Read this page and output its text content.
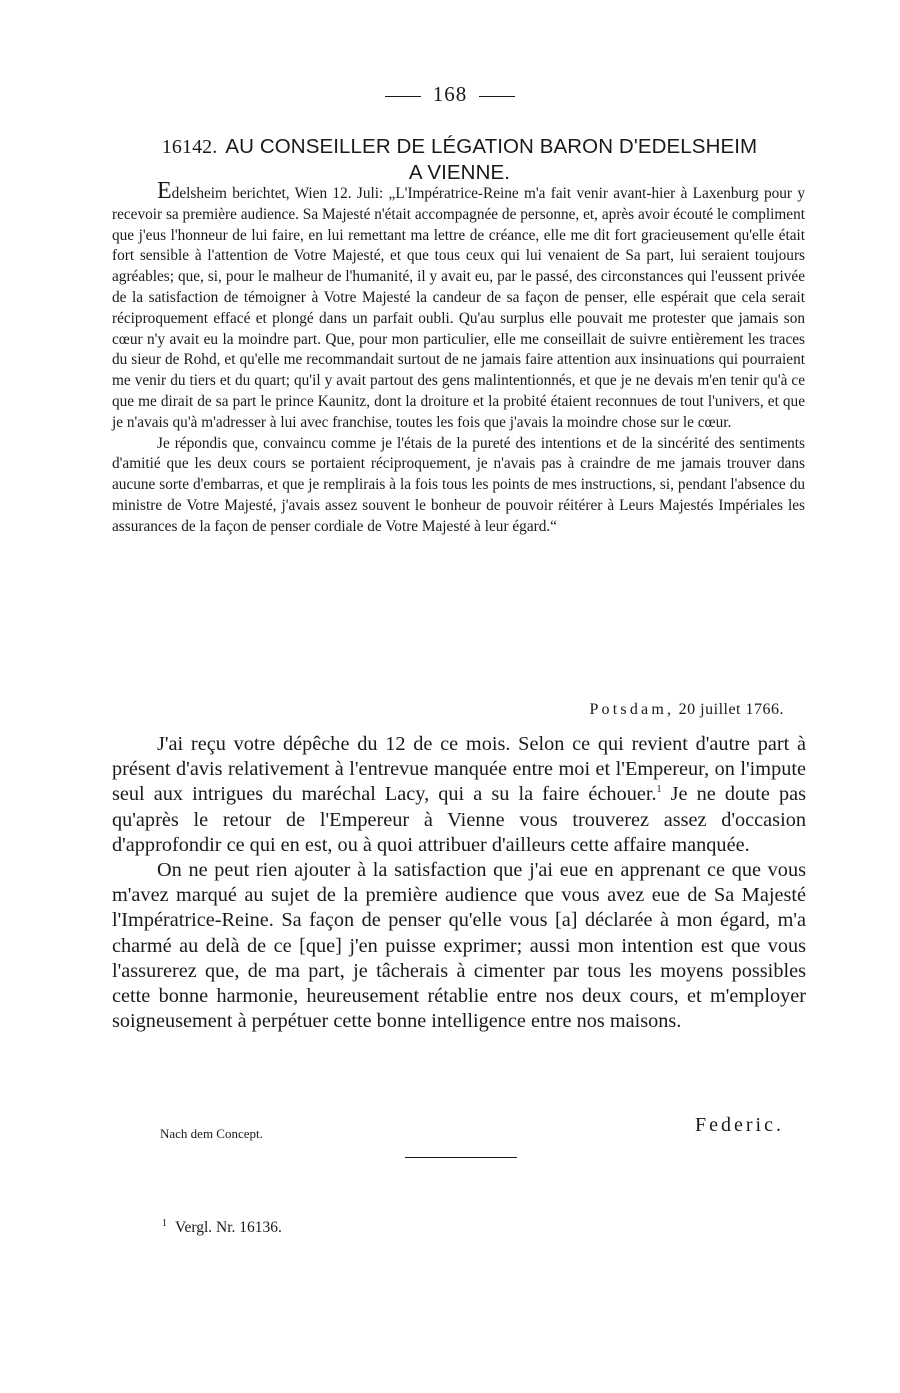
168
16142. AU CONSEILLER DE LÉGATION BARON D'EDELSHEIM
A VIENNE.

Edelsheim berichtet, Wien 12. Juli: „L'Impératrice-Reine m'a fait venir avant-hier à Laxenburg pour y recevoir sa première audience. Sa Majesté n'était accompagnée de personne, et, après avoir écouté le compliment que j'eus l'honneur de lui faire, en lui remettant ma lettre de créance, elle me dit fort gracieusement qu'elle était fort sensible à l'attention de Votre Majesté, et que tous ceux qui lui venaient de Sa part, lui seraient toujours agréables; que, si, pour le malheur de l'humanité, il y avait eu, par le passé, des circonstances qui l'eussent privée de la satisfaction de témoigner à Votre Majesté la candeur de sa façon de penser, elle espérait que cela serait réciproquement effacé et plongé dans un parfait oubli. Qu'au surplus elle pouvait me protester que jamais son cœur n'y avait eu la moindre part. Que, pour mon particulier, elle me conseillait de suivre entièrement les traces du sieur de Rohd, et qu'elle me recommandait surtout de ne jamais faire attention aux insinuations qui pourraient me venir du tiers et du quart; qu'il y avait partout des gens malintentionnés, et que je ne devais m'en tenir qu'à ce que me dirait de sa part le prince Kaunitz, dont la droiture et la probité étaient reconnues de tout l'univers, et que je n'avais qu'à m'adresser à lui avec franchise, toutes les fois que j'avais la moindre chose sur le cœur.

Je répondis que, convaincu comme je l'étais de la pureté des intentions et de la sincérité des sentiments d'amitié que les deux cours se portaient réciproquement, je n'avais pas à craindre de me jamais trouver dans aucune sorte d'embarras, et que je remplirais à la fois tous les points de mes instructions, si, pendant l'absence du ministre de Votre Majesté, j'avais assez souvent le bonheur de pouvoir réitérer à Leurs Majestés Impériales les assurances de la façon de penser cordiale de Votre Majesté à leur égard.“

Potsdam, 20 juillet 1766.

J'ai reçu votre dépêche du 12 de ce mois. Selon ce qui revient d'autre part à présent d'avis relativement à l'entrevue manquée entre moi et l'Empereur, on l'impute seul aux intrigues du maréchal Lacy, qui a su la faire échouer.$^1$ Je ne doute pas qu'après le retour de l'Empereur à Vienne vous trouverez assez d'occasion d'approfondir ce qui en est, ou à quoi attribuer d'ailleurs cette affaire manquée.

On ne peut rien ajouter à la satisfaction que j'ai eue en apprenant ce que vous m'avez marqué au sujet de la première audience que vous avez eue de Sa Majesté l'Impératrice-Reine. Sa façon de penser qu'elle vous [a] déclarée à mon égard, m'a charmé au delà de ce [que] j'en puisse exprimer; aussi mon intention est que vous l'assurerez que, de ma part, je tâcherais à cimenter par tous les moyens possibles cette bonne harmonie, heureusement rétablie entre nos deux cours, et m'employer soigneusement à perpétuer cette bonne intelligence entre nos maisons.

Nach dem Concept.	Federic.
$^1$ Vergl. Nr. 16136.
